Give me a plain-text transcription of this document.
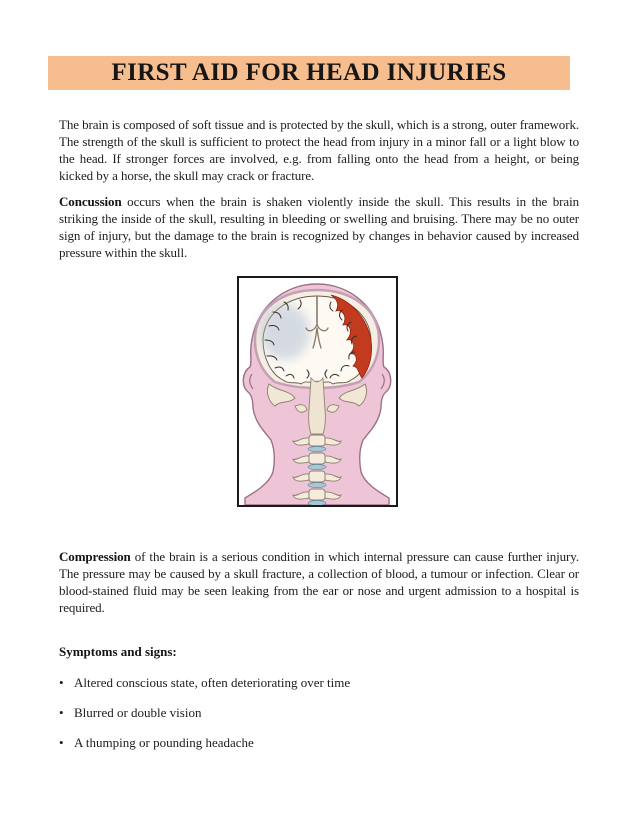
FIRST AID FOR HEAD INJURIES

The brain is composed of soft tissue and is protected by the skull, which is a strong, outer framework. The strength of the skull is sufficient to protect the head from injury in a minor fall or a light blow to the head. If stronger forces are involved, e.g. from falling onto the head from a height, or being kicked by a horse, the skull may crack or fracture.

Concussion occurs when the brain is shaken violently inside the skull. This results in the brain striking the inside of the skull, resulting in bleeding or swelling and bruising. There may be no outer sign of injury, but the damage to the brain is recognized by changes in behavior caused by increased pressure within the skull.

Compression of the brain is a serious condition in which internal pressure can cause further injury. The pressure may be caused by a skull fracture, a collection of blood, a tumour or infection. Clear or blood-stained fluid may be seen leaking from the ear or nose and urgent admission to a hospital is required.

Symptoms and signs:

• Altered conscious state, often deteriorating over time
• Blurred or double vision
• A thumping or pounding headache
